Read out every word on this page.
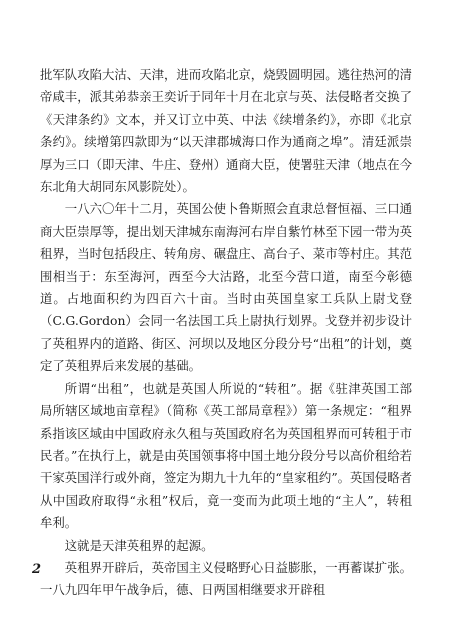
批军队攻陷大沽、天津，进而攻陷北京，烧毁圆明园。逃往热河的清帝咸丰，派其弟恭亲王奕䜣于同年十月在北京与英、法侵略者交换了《天津条约》文本，并又订立中英、中法《续增条约》，亦即《北京条约》。续增第四款即为“以天津郡城海口作为通商之埠”。清廷派崇厚为三口（即天津、牛庄、登州）通商大臣，使署驻天津（地点在今东北角大胡同东风影院处）。

一八六〇年十二月，英国公使卜鲁斯照会直隶总督恒福、三口通商大臣崇厚等，提出划天津城东南海河右岸自紫竹林至下园一带为英租界，当时包括段庄、转角房、碾盘庄、高台子、菜市等村庄。其范围相当于：东至海河，西至今大沽路，北至今营口道，南至今彰德道。占地面积约为四百六十亩。当时由英国皇家工兵队上尉戈登（C.G.Gordon）会同一名法国工兵上尉执行划界。戈登并初步设计了英租界内的道路、街区、河坝以及地区分段分号“出租”的计划，奠定了英租界后来发展的基础。

所谓“出租”，也就是英国人所说的“转租”。据《驻津英国工部局所辖区域地亩章程》（简称《英工部局章程》）第一条规定：“租界系指该区域由中国政府永久租与英国政府名为英国租界而可转租于市民者。”在执行上，就是由英国领事将中国土地分段分号以高价租给若干家英国洋行或外商，签定为期九十九年的“皇家租约”。英国侵略者从中国政府取得“永租”权后，竟一变而为此项土地的“主人”，转租牟利。

这就是天津英租界的起源。

英租界开辟后，英帝国主义侵略野心日益膨胀，一再蓄谋扩张。一八九四年甲午战争后，德、日两国相继要求开辟租

2
